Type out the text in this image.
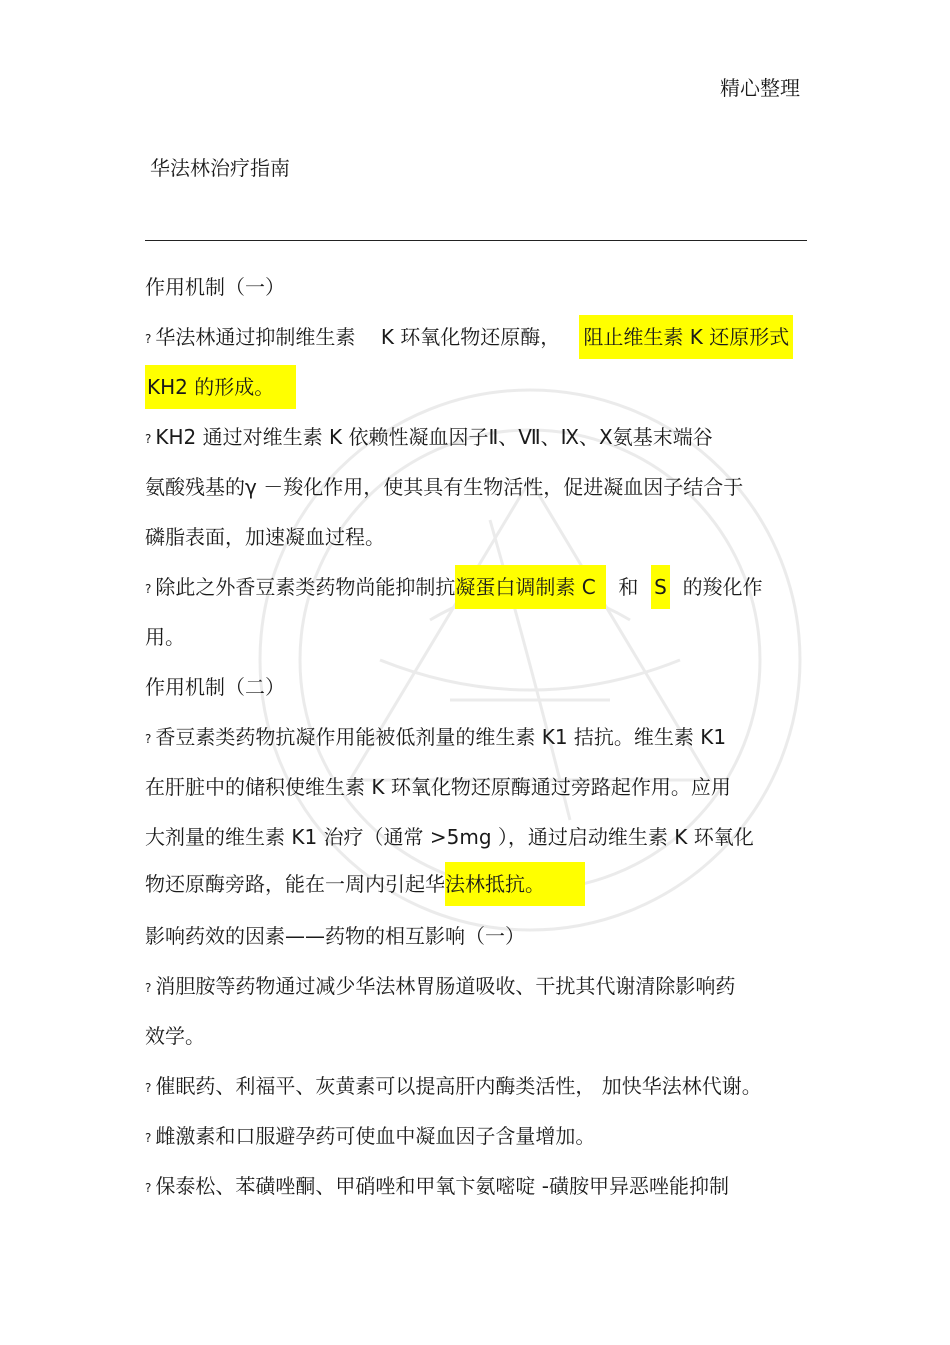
精心整理
华法林治疗指南
作用机制（一）
? 华法林通过抑制维生素 K 环氧化物还原酶， 阻止维生素 K 还原形式
KH2 的形成。
? KH2 通过对维生素 K 依赖性凝血因子Ⅱ、Ⅶ、Ⅸ、Ⅹ氨基末端谷
氨酸残基的γ －羧化作用，使其具有生物活性，促进凝血因子结合于
磷脂表面，加速凝血过程。
? 除此之外香豆素类药物尚能抑制抗凝蛋白调制素 C 和 S 的羧化作
用。
作用机制（二）
? 香豆素类药物抗凝作用能被低剂量的维生素 K1 拮抗。维生素 K1
在肝脏中的储积使维生素 K 环氧化物还原酶通过旁路起作用。应用
大剂量的维生素 K1 治疗（通常 >5mg ），通过启动维生素 K 环氧化
物还原酶旁路，能在一周内引起华法林抵抗。
影响药效的因素——药物的相互影响（一）
? 消胆胺等药物通过减少华法林胃肠道吸收、干扰其代谢清除影响药
效学。
? 催眠药、利福平、灰黄素可以提高肝内酶类活性， 加快华法林代谢。
? 雌激素和口服避孕药可使血中凝血因子含量增加。
? 保泰松、苯磺唑酮、甲硝唑和甲氧卞氨嘧啶 -磺胺甲异恶唑能抑制
